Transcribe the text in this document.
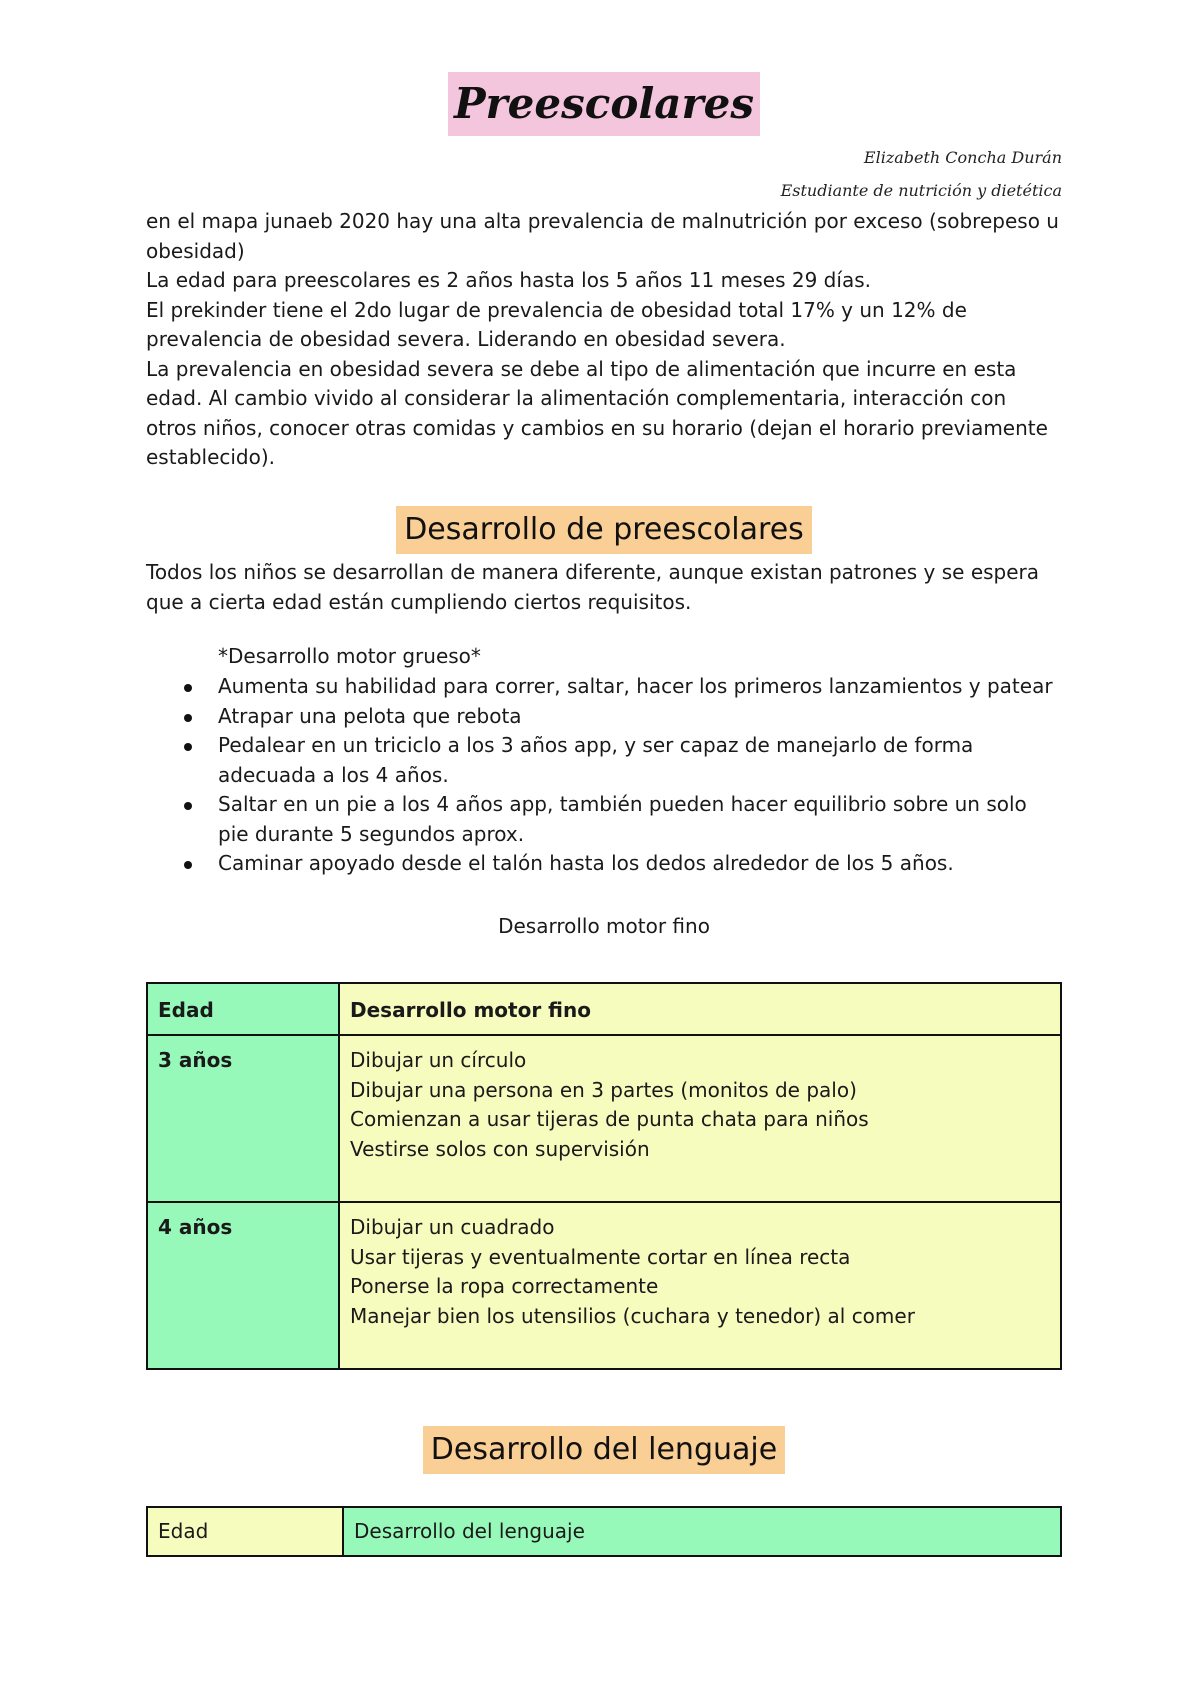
Preescolares
Elizabeth Concha Durán
Estudiante de nutrición y dietética

en el mapa junaeb 2020 hay una alta prevalencia de malnutrición por exceso (sobrepeso u obesidad)

La edad para preescolares es 2 años hasta los 5 años 11 meses 29 días.

El prekinder tiene el 2do lugar de prevalencia de obesidad total 17% y un 12% de prevalencia de obesidad severa. Liderando en obesidad severa.

La prevalencia en obesidad severa se debe al tipo de alimentación que incurre en esta edad. Al cambio vivido al considerar la alimentación complementaria, interacción con otros niños, conocer otras comidas y cambios en su horario (dejan el horario previamente establecido).

Desarrollo de preescolares

Todos los niños se desarrollan de manera diferente, aunque existan patrones y se espera que a cierta edad están cumpliendo ciertos requisitos.

*Desarrollo motor grueso*
Aumenta su habilidad para correr, saltar, hacer los primeros lanzamientos y patear
Atrapar una pelota que rebota
Pedalear en un triciclo a los 3 años app, y ser capaz de manejarlo de forma adecuada a los 4 años.
Saltar en un pie a los 4 años app, también pueden hacer equilibrio sobre un solo pie durante 5 segundos aprox.
Caminar apoyado desde el talón hasta los dedos alrededor de los 5 años.
Desarrollo motor fino
Edad	Desarrollo motor fino
3 años	Dibujar un círculo
Dibujar una persona en 3 partes (monitos de palo)
Comienzan a usar tijeras de punta chata para niños
Vestirse solos con supervisión

4 años	Dibujar un cuadrado
Usar tijeras y eventualmente cortar en línea recta
Ponerse la ropa correctamente
Manejar bien los utensilios (cuchara y tenedor) al comer
Desarrollo del lenguaje
Edad	Desarrollo del lenguaje
